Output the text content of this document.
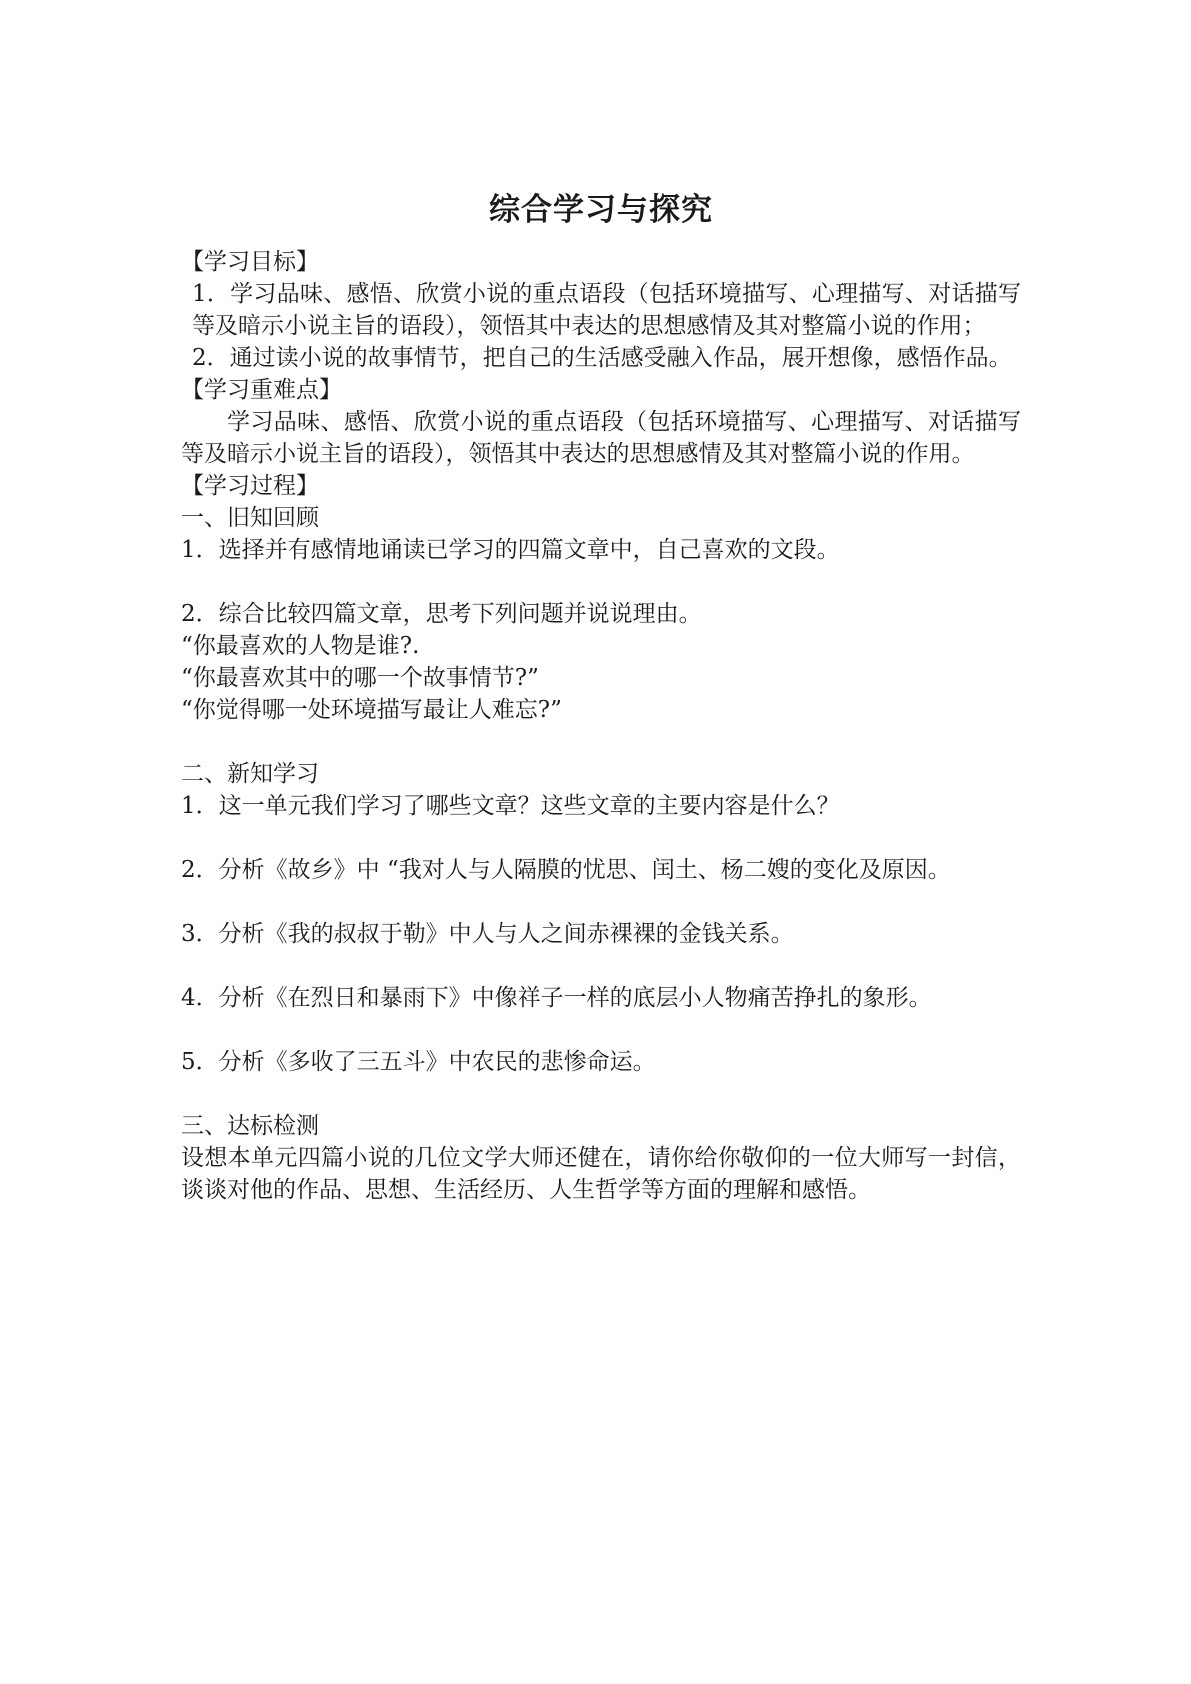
综合学习与探究

【学习目标】

1．学习品味、感悟、欣赏小说的重点语段（包括环境描写、心理描写、对话描写等及暗示小说主旨的语段），领悟其中表达的思想感情及其对整篇小说的作用；

2．通过读小说的故事情节，把自己的生活感受融入作品，展开想像，感悟作品。

【学习重难点】

学习品味、感悟、欣赏小说的重点语段（包括环境描写、心理描写、对话描写等及暗示小说主旨的语段），领悟其中表达的思想感情及其对整篇小说的作用。

【学习过程】

一、旧知回顾

1．选择并有感情地诵读已学习的四篇文章中，自己喜欢的文段。

2．综合比较四篇文章，思考下列问题并说说理由。

“你最喜欢的人物是谁?.

“你最喜欢其中的哪一个故事情节?”

“你觉得哪一处环境描写最让人难忘?”

二、新知学习

1．这一单元我们学习了哪些文章？这些文章的主要内容是什么？

2．分析《故乡》中 “我对人与人隔膜的忧思、闰土、杨二嫂的变化及原因。

3．分析《我的叔叔于勒》中人与人之间赤裸裸的金钱关系。

4．分析《在烈日和暴雨下》中像祥子一样的底层小人物痛苦挣扎的象形。

5．分析《多收了三五斗》中农民的悲惨命运。

三、达标检测

设想本单元四篇小说的几位文学大师还健在，请你给你敬仰的一位大师写一封信，谈谈对他的作品、思想、生活经历、人生哲学等方面的理解和感悟。
